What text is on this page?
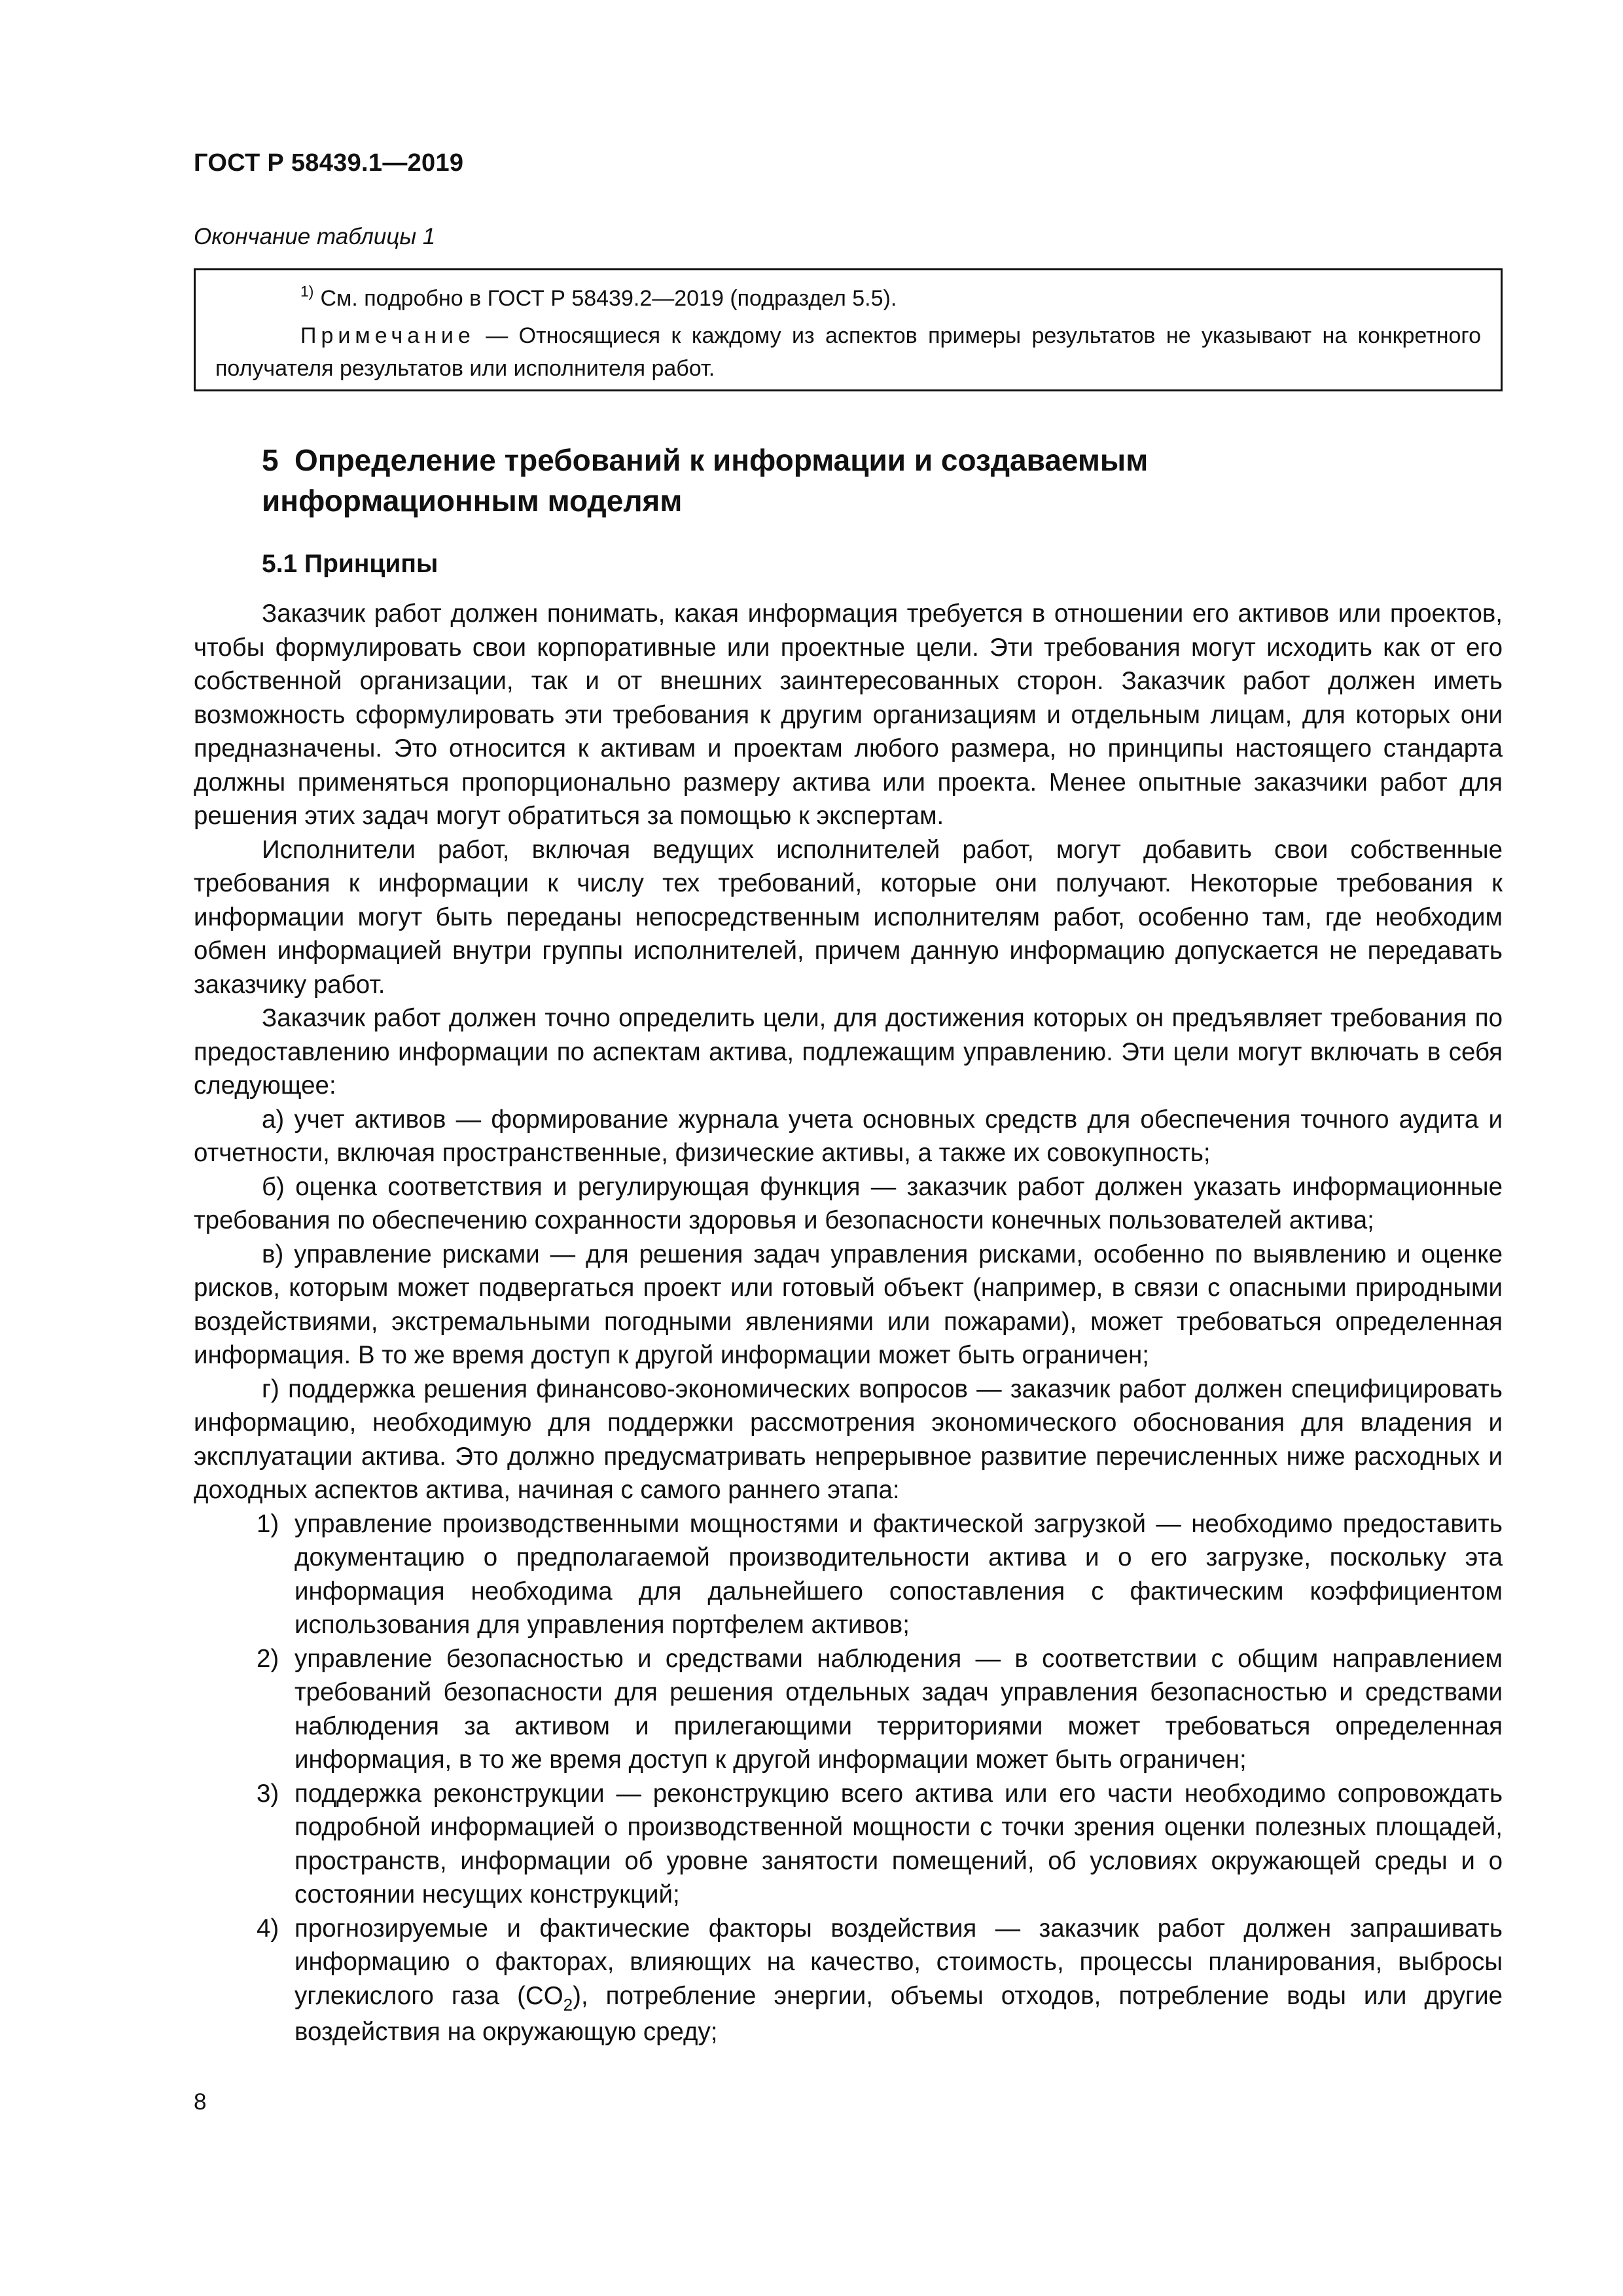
ГОСТ Р 58439.1—2019
Окончание таблицы 1
$^{1)}$ См. подробно в ГОСТ Р 58439.2—2019 (подраздел 5.5).
Примечание — Относящиеся к каждому из аспектов примеры результатов не указывают на конкретного получателя результатов или исполнителя работ.
5 Определение требований к информации и создаваемым
информационным моделям
5.1 Принципы

Заказчик работ должен понимать, какая информация требуется в отношении его активов или проектов, чтобы формулировать свои корпоративные или проектные цели. Эти требования могут исходить как от его собственной организации, так и от внешних заинтересованных сторон. Заказчик работ должен иметь возможность сформулировать эти требования к другим организациям и отдельным лицам, для которых они предназначены. Это относится к активам и проектам любого размера, но принципы настоящего стандарта должны применяться пропорционально размеру актива или проекта. Менее опытные заказчики работ для решения этих задач могут обратиться за помощью к экспертам.

Исполнители работ, включая ведущих исполнителей работ, могут добавить свои собственные требования к информации к числу тех требований, которые они получают. Некоторые требования к информации могут быть переданы непосредственным исполнителям работ, особенно там, где необходим обмен информацией внутри группы исполнителей, причем данную информацию допускается не передавать заказчику работ.

Заказчик работ должен точно определить цели, для достижения которых он предъявляет требования по предоставлению информации по аспектам актива, подлежащим управлению. Эти цели могут включать в себя следующее:

а) учет активов — формирование журнала учета основных средств для обеспечения точного аудита и отчетности, включая пространственные, физические активы, а также их совокупность;

б) оценка соответствия и регулирующая функция — заказчик работ должен указать информационные требования по обеспечению сохранности здоровья и безопасности конечных пользователей актива;

в) управление рисками — для решения задач управления рисками, особенно по выявлению и оценке рисков, которым может подвергаться проект или готовый объект (например, в связи с опасными природными воздействиями, экстремальными погодными явлениями или пожарами), может требоваться определенная информация. В то же время доступ к другой информации может быть ограничен;

г) поддержка решения финансово-экономических вопросов — заказчик работ должен специфицировать информацию, необходимую для поддержки рассмотрения экономического обоснования для владения и эксплуатации актива. Это должно предусматривать непрерывное развитие перечисленных ниже расходных и доходных аспектов актива, начиная с самого раннего этапа:

1) управление производственными мощностями и фактической загрузкой — необходимо предоставить документацию о предполагаемой производительности актива и о его загрузке, поскольку эта информация необходима для дальнейшего сопоставления с фактическим коэффициентом использования для управления портфелем активов;

2) управление безопасностью и средствами наблюдения — в соответствии с общим направлением требований безопасности для решения отдельных задач управления безопасностью и средствами наблюдения за активом и прилегающими территориями может требоваться определенная информация, в то же время доступ к другой информации может быть ограничен;

3) поддержка реконструкции — реконструкцию всего актива или его части необходимо сопровождать подробной информацией о производственной мощности с точки зрения оценки полезных площадей, пространств, информации об уровне занятости помещений, об условиях окружающей среды и о состоянии несущих конструкций;

4) прогнозируемые и фактические факторы воздействия — заказчик работ должен запрашивать информацию о факторах, влияющих на качество, стоимость, процессы планирования, выбросы углекислого газа $(CO_2)$, потребление энергии, объемы отходов, потребление воды или другие воздействия на окружающую среду;

8
